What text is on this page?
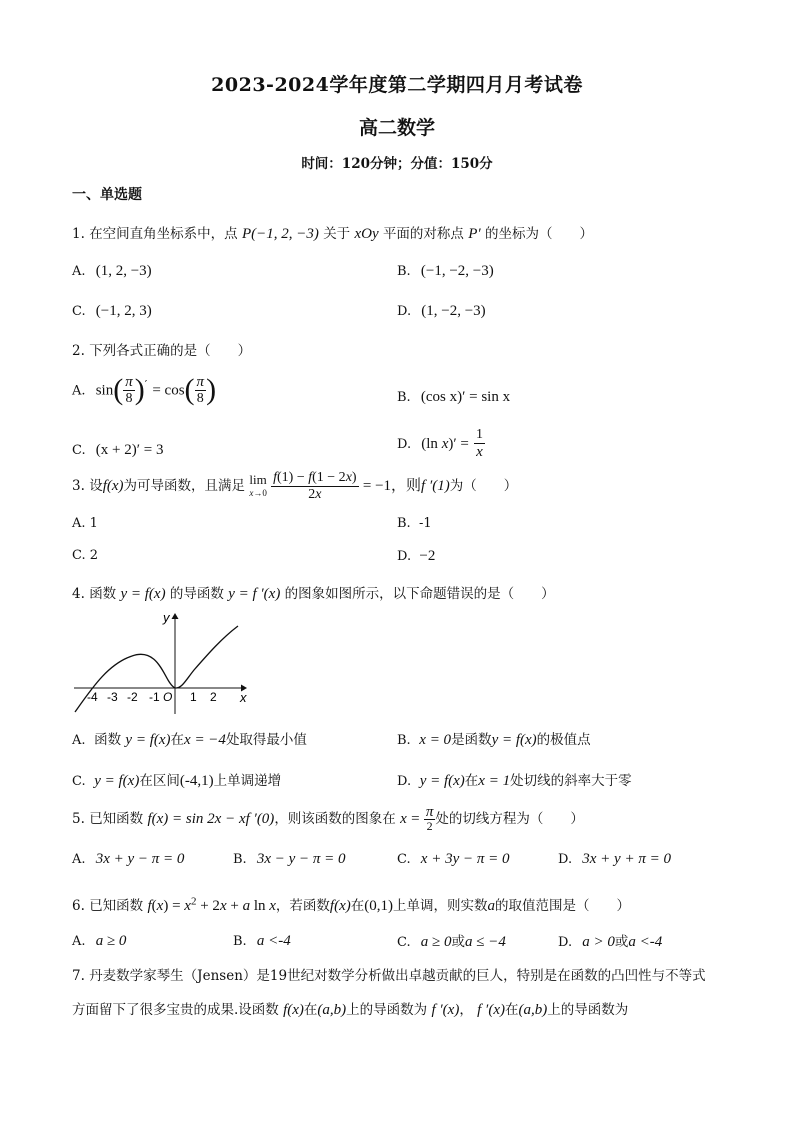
2023-2024学年度第二学期四月月考试卷
高二数学
时间：120分钟；分值：150分
一、单选题
1. 在空间直角坐标系中，点 P(−1, 2, −3) 关于 xOy 平面的对称点 P′ 的坐标为（　　）
A. (1, 2, −3)	B. (−1, −2, −3)
C. (−1, 2, 3)	D. (1, −2, −3)
2. 下列各式正确的是（　　）
A. $\sin( \frac{\pi}{8} )' = \cos( \frac{\pi}{8}$ )	B. (cos x)′ = sin x
C. (x + 2)′ = 3	D. (ln $x)' = \frac{1}{x}$
3. 设f(x)为可导函数，且满足 lim
$x\to 0 \frac{f(1) - f(1 - 2x)}{2x} = -1$，则f ′(1)为（　　）
A. 1	B.  -1
C. 2	D.  −2
4. 函数 y = f(x) 的导函数 y = f ′(x) 的图象如图所示，以下命题错误的是（　　）
y
x
-4 -3 -2 -1 O 1 2
A. 函数 y = f(x)在x = −4处取得最小值	B. x = 0是函数y = f(x)的极值点
C. y = f(x)在区间(-4,1)上单调递增	D. y = f(x)在x = 1处切线的斜率大于零
5. 已知函数 f(x) = sin 2x − xf ′(0)，则该函数的图象在 $x = \frac{\pi}{2}$ 处的切线方程为（　　）
A. 3x + y − π = 0	B. 3x − y − π = 0	C. x + 3y − π = 0	D. 3x + y + π = 0
6. 已知函数 $f(x) = x^2 + 2x + a$ ln x，若函数f(x)在(0,1)上单调，则实数a的取值范围是（　　）
A. a ≥ 0	B. a <-4	C. a ≥ 0或a ≤ −4	D. a > 0或a <-4
7. 丹麦数学家琴生（Jensen）是19世纪对数学分析做出卓越贡献的巨人，特别是在函数的凸凹性与不等式
方面留下了很多宝贵的成果.设函数 f(x)在(a,b)上的导函数为 f ′(x)， f ′(x)在(a,b)上的导函数为
